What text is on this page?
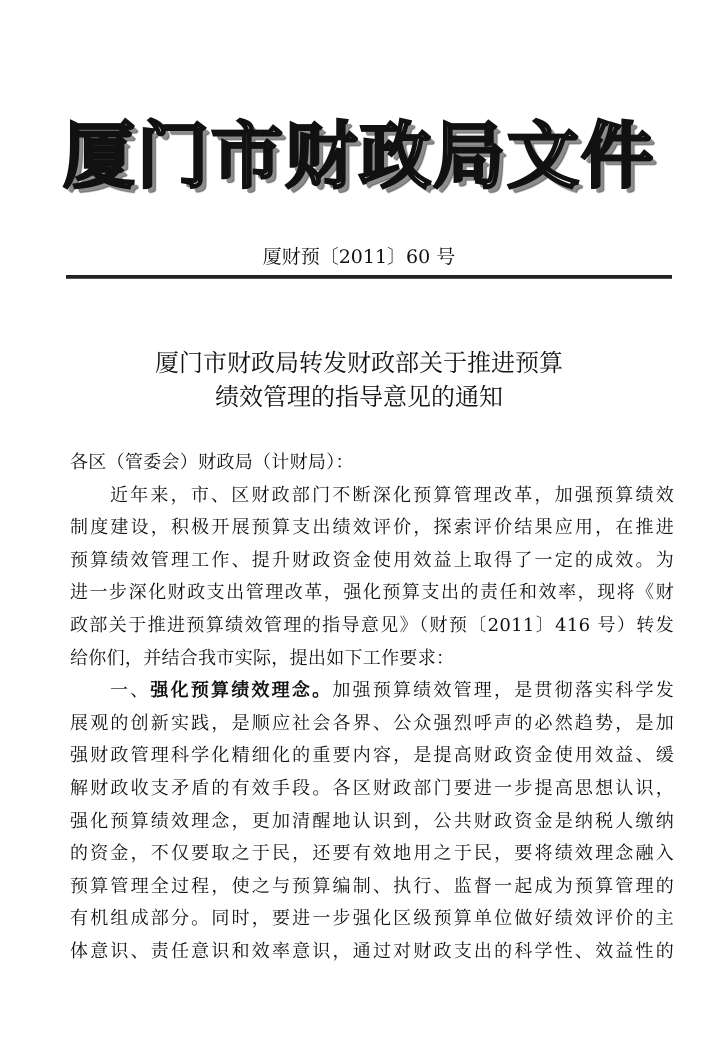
厦门市财政局文件
厦财预〔2011〕60 号
厦门市财政局转发财政部关于推进预算
绩效管理的指导意见的通知
各区（管委会）财政局（计财局）：
近年来，市、区财政部门不断深化预算管理改革，加强预算绩效
制度建设，积极开展预算支出绩效评价，探索评价结果应用，在推进
预算绩效管理工作、提升财政资金使用效益上取得了一定的成效。为
进一步深化财政支出管理改革，强化预算支出的责任和效率，现将《财
政部关于推进预算绩效管理的指导意见》（财预〔2011〕416 号）转发
给你们，并结合我市实际，提出如下工作要求：
一、强化预算绩效理念。加强预算绩效管理，是贯彻落实科学发
展观的创新实践，是顺应社会各界、公众强烈呼声的必然趋势，是加
强财政管理科学化精细化的重要内容，是提高财政资金使用效益、缓
解财政收支矛盾的有效手段。各区财政部门要进一步提高思想认识，
强化预算绩效理念，更加清醒地认识到，公共财政资金是纳税人缴纳
的资金，不仅要取之于民，还要有效地用之于民，要将绩效理念融入
预算管理全过程，使之与预算编制、执行、监督一起成为预算管理的
有机组成部分。同时，要进一步强化区级预算单位做好绩效评价的主
体意识、责任意识和效率意识，通过对财政支出的科学性、效益性的
